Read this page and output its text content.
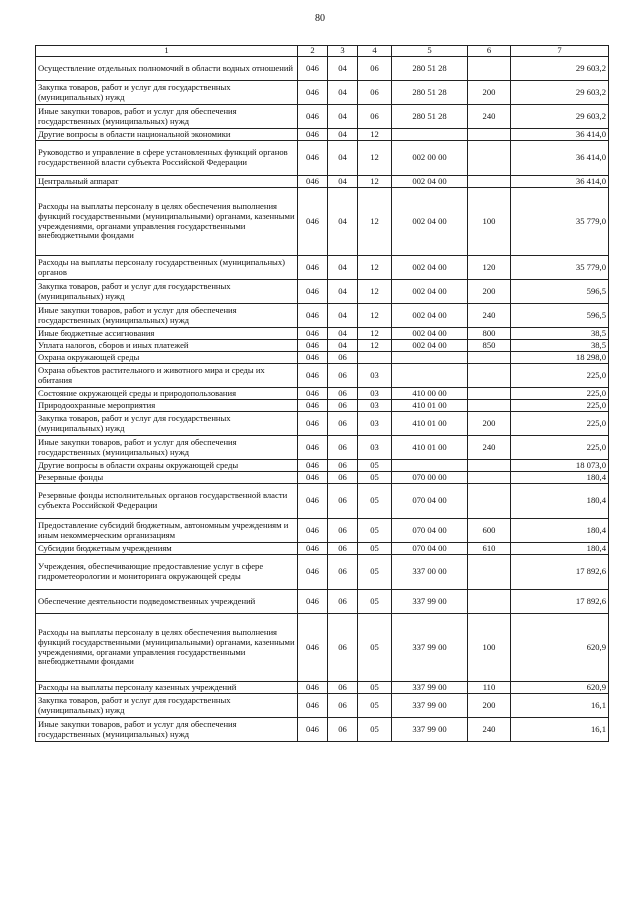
80
1	2	3	4	5	6	7
Осуществление отдельных полномочий в области водных отношений	046	04	06	280 51 28		29 603,2
Закупка товаров, работ и услуг для государственных (муниципальных) нужд	046	04	06	280 51 28	200	29 603,2
Иные закупки товаров, работ и услуг для обеспечения государственных (муниципальных) нужд	046	04	06	280 51 28	240	29 603,2
Другие вопросы в области национальной экономики	046	04	12			36 414,0
Руководство и управление в сфере установленных функций органов государственной власти субъекта Российской Федерации	046	04	12	002 00 00		36 414,0
Центральный аппарат	046	04	12	002 04 00		36 414,0
Расходы на выплаты персоналу в целях обеспечения выполнения функций государственными (муниципальными) органами, казенными учреждениями, органами управления государственными внебюджетными фондами	046	04	12	002 04 00	100	35 779,0
Расходы на выплаты персоналу государственных (муниципальных) органов	046	04	12	002 04 00	120	35 779,0
Закупка товаров, работ и услуг для государственных (муниципальных) нужд	046	04	12	002 04 00	200	596,5
Иные закупки товаров, работ и услуг для обеспечения государственных (муниципальных) нужд	046	04	12	002 04 00	240	596,5
Иные бюджетные ассигнования	046	04	12	002 04 00	800	38,5
Уплата налогов, сборов и иных платежей	046	04	12	002 04 00	850	38,5
Охрана окружающей среды	046	06				18 298,0
Охрана объектов растительного и животного мира и среды их обитания	046	06	03			225,0
Состояние окружающей среды и природопользования	046	06	03	410 00 00		225,0
Природоохранные мероприятия	046	06	03	410 01 00		225,0
Закупка товаров, работ и услуг для государственных (муниципальных) нужд	046	06	03	410 01 00	200	225,0
Иные закупки товаров, работ и услуг для обеспечения государственных (муниципальных) нужд	046	06	03	410 01 00	240	225,0
Другие вопросы в области охраны окружающей среды	046	06	05			18 073,0
Резервные фонды	046	06	05	070 00 00		180,4
Резервные фонды исполнительных органов государственной власти субъекта Российской Федерации	046	06	05	070 04 00		180,4
Предоставление субсидий бюджетным, автономным учреждениям и иным некоммерческим организациям	046	06	05	070 04 00	600	180,4
Субсидии бюджетным учреждениям	046	06	05	070 04 00	610	180,4
Учреждения, обеспечивающие предоставление услуг в сфере гидрометеорологии и мониторинга окружающей среды	046	06	05	337 00 00		17 892,6
Обеспечение деятельности подведомственных учреждений	046	06	05	337 99 00		17 892,6
Расходы на выплаты персоналу в целях обеспечения выполнения функций государственными (муниципальными) органами, казенными учреждениями, органами управления государственными внебюджетными фондами	046	06	05	337 99 00	100	620,9
Расходы на выплаты персоналу казенных учреждений	046	06	05	337 99 00	110	620,9
Закупка товаров, работ и услуг для государственных (муниципальных) нужд	046	06	05	337 99 00	200	16,1
Иные закупки товаров, работ и услуг для обеспечения государственных (муниципальных) нужд	046	06	05	337 99 00	240	16,1
